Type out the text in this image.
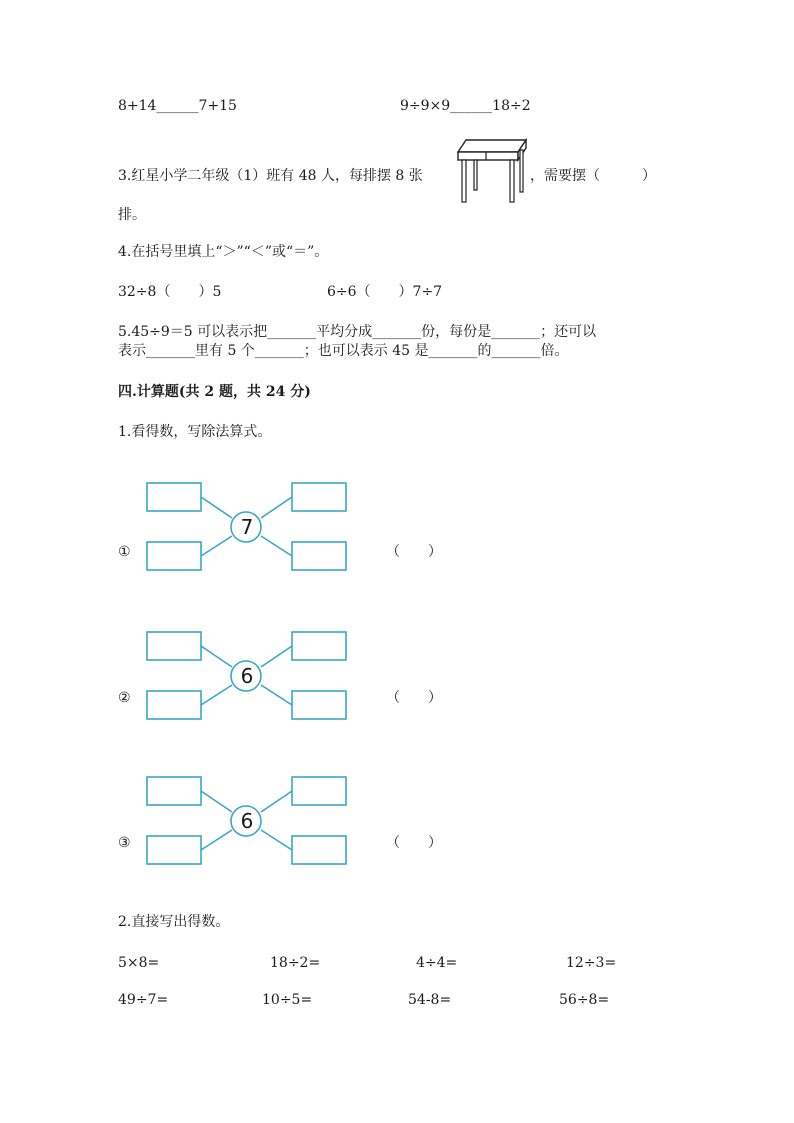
8+14______7+15	9÷9×9______18÷2
3.红星小学二年级（1）班有 48 人，每排摆 8 张	，需要摆（　　　）
排。
4.在括号里填上“＞”“＜”或“＝”。
32÷8（　　）5	6÷6（　　）7÷7
5.45÷9＝5 可以表示把_______平均分成_______份，每份是_______；还可以
表示_______里有 5 个_______；也可以表示 45 是_______的_______倍。
四.计算题(共 2 题，共 24 分)
1.看得数，写除法算式。
7
①	（　　）
6
②	（　　）
6
③	（　　）
2.直接写出得数。
5×8=	18÷2=	4÷4=	12÷3=
49÷7=	10÷5=	54-8=	56÷8=
